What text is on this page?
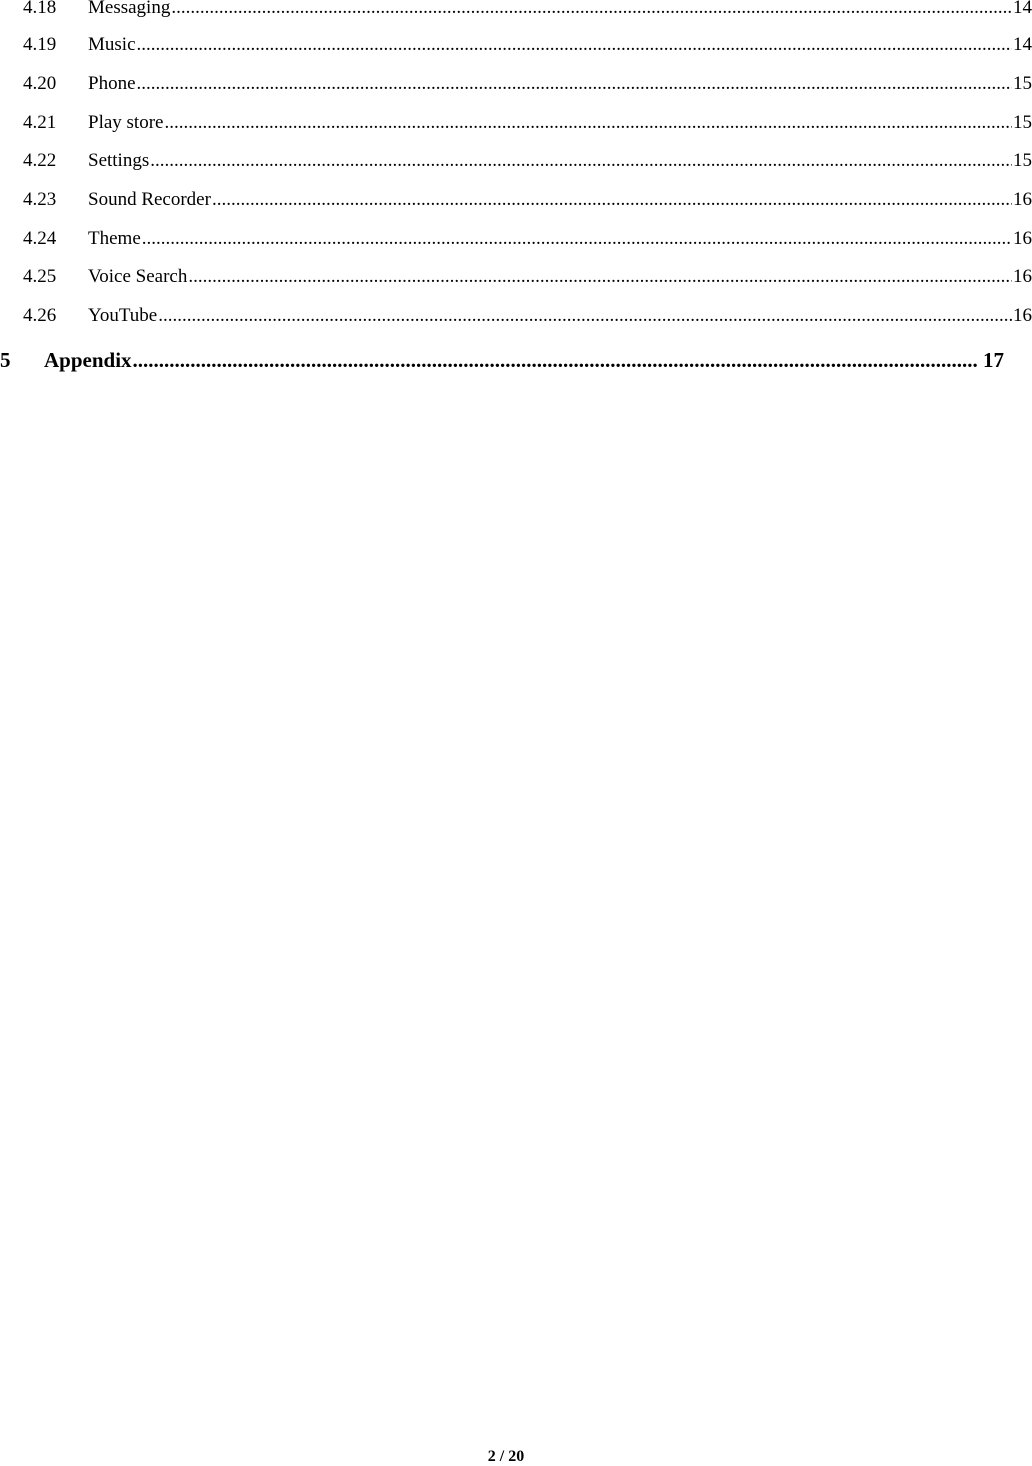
4.18	Messaging .....	14
4.19	Music .....	14
4.20	Phone .....	15
4.21	Play store .....	15
4.22	Settings .....	15
4.23	Sound Recorder .....	16
4.24	Theme .....	16
4.25	Voice Search .....	16
4.26	YouTube .....	16
5	Appendix .....	17
2 / 20
